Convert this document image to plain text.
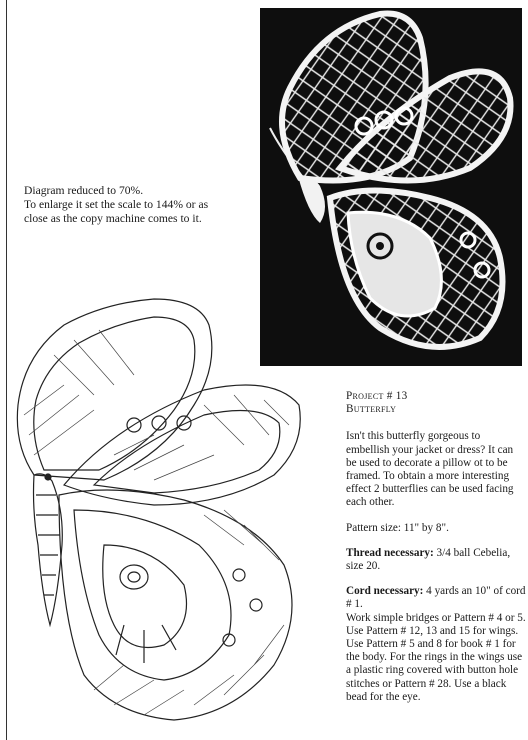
Diagram reduced to 70%.
To enlarge it set the scale to 144% or as
close as the copy machine comes to it.
Project # 13
Butterfly

Isn't this butterfly gorgeous to embellish your jacket or dress? It can be used to decorate a pillow ot to be framed. To obtain a more interesting effect 2 butterflies can be used facing each other.

Pattern size: 11" by 8".

Thread necessary: 3/4 ball Cebelia, size 20.

Cord necessary: 4 yards an 10" of cord # 1.
Work simple bridges or Pattern # 4 or 5. Use Pattern # 12, 13 and 15 for wings. Use Pattern # 5 and 8 for book # 1 for the body. For the rings in the wings use a plastic ring covered with button hole stitches or Pattern # 28. Use a black bead for the eye.
